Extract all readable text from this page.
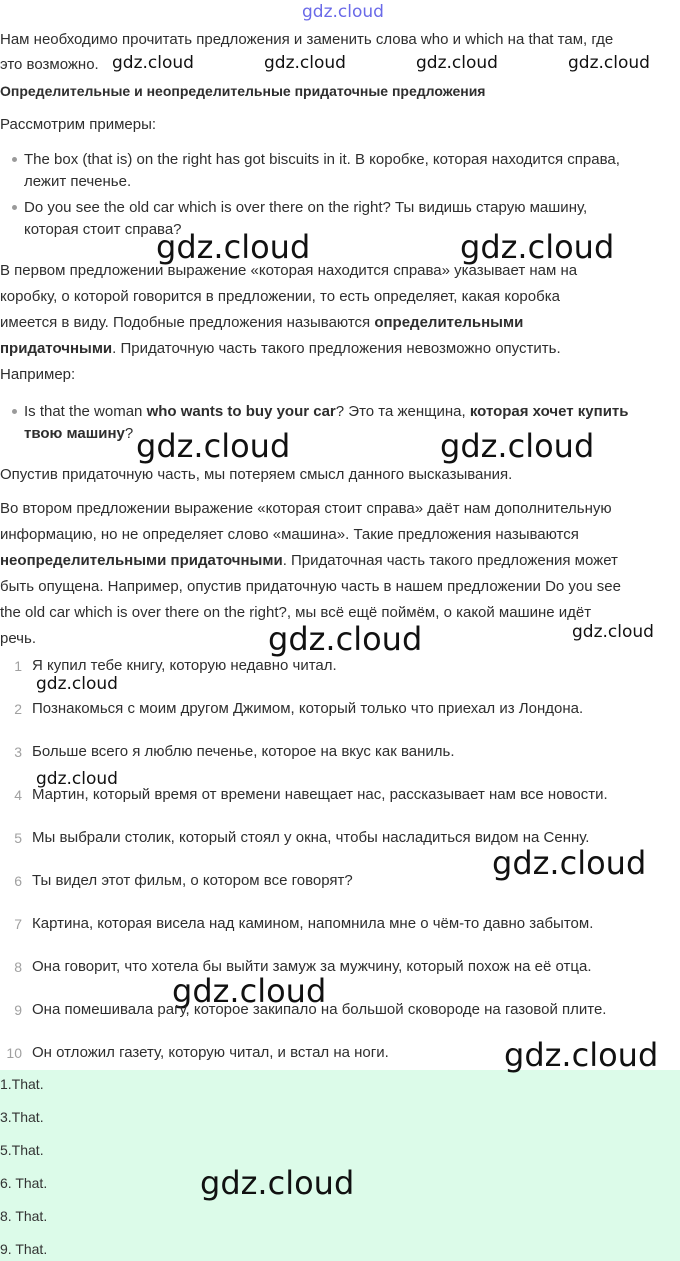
gdz.cloud
Нам необходимо прочитать предложения и заменить слова who и which на that там, где
это возможно. gdz.cloud	gdz.cloud	gdz.cloud	gdz.cloud
Определительные и неопределительные придаточные предложения
Рассмотрим примеры:
The box (that is) on the right has got biscuits in it. В коробке, которая находится справа,
лежит печенье.
Do you see the old car which is over there on the right? Ты видишь старую машину,
которая стоит справа?
gdz.cloud	gdz.cloud
В первом предложении выражение «которая находится справа» указывает нам на
коробку, о которой говорится в предложении, то есть определяет, какая коробка
имеется в виду. Подобные предложения называются определительными
придаточными. Придаточную часть такого предложения невозможно опустить.
Например:
Is that the woman who wants to buy your car? Это та женщина, которая хочет купить
твою машину? gdz.cloud	gdz.cloud
Опустив придаточную часть, мы потеряем смысл данного высказывания.
Во втором предложении выражение «которая стоит справа» даёт нам дополнительную
информацию, но не определяет слово «машина». Такие предложения называются
неопределительными придаточными. Придаточная часть такого предложения может
быть опущена. Например, опустив придаточную часть в нашем предложении Do you see
the old car which is over there on the right?, мы всё ещё поймём, о какой машине идёт
речь.	gdz.cloud	gdz.cloud
1 Я купил тебе книгу, которую недавно читал.
gdz.cloud
2 Познакомься с моим другом Джимом, который только что приехал из Лондона.
3 Больше всего я люблю печенье, которое на вкус как ваниль.
gdz.cloud
4 Мартин, который время от времени навещает нас, рассказывает нам все новости.
5 Мы выбрали столик, который стоял у окна, чтобы насладиться видом на Сенну.
gdz.cloud
6 Ты видел этот фильм, о котором все говорят?
7 Картина, которая висела над камином, напомнила мне о чём-то давно забытом.
8 Она говорит, что хотела бы выйти замуж за мужчину, который похож на её отца.
gdz.cloud
9 Она помешивала рагу, которое закипало на большой сковороде на газовой плите.
10 Он отложил газету, которую читал, и встал на ноги.
1.That.
3.That.
5.That.
6. That.
8. That.
9. That.
gdz.cloud
gdz.cloud
